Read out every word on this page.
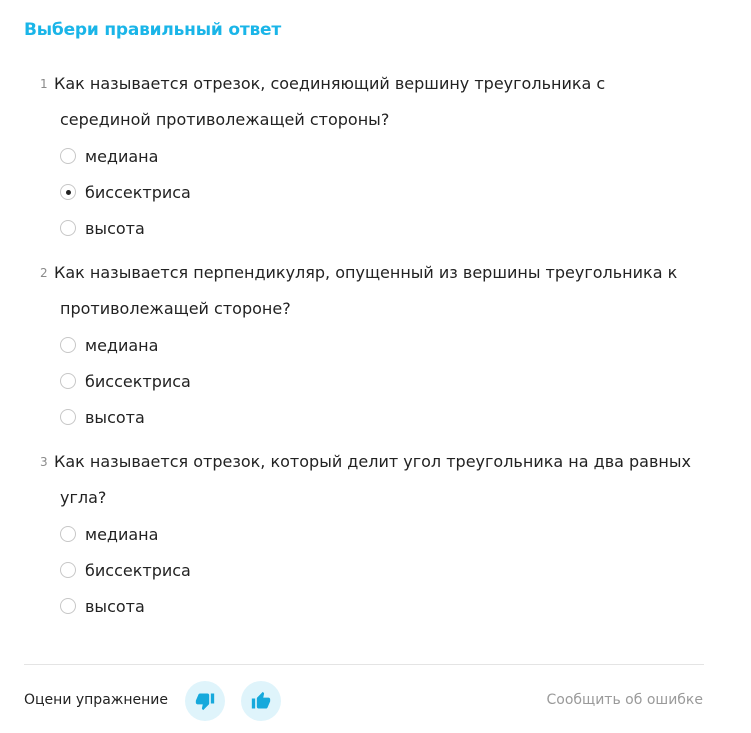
Выбери правильный ответ
1 Как называется отрезок, соединяющий вершину треугольника с
серединой противолежащей стороны?
медиана
биссектриса
высота
2 Как называется перпендикуляр, опущенный из вершины треугольника к
противолежащей стороне?
медиана
биссектриса
высота
3 Как называется отрезок, который делит угол треугольника на два равных
угла?
медиана
биссектриса
высота
Оцени упражнение	Сообщить об ошибке
